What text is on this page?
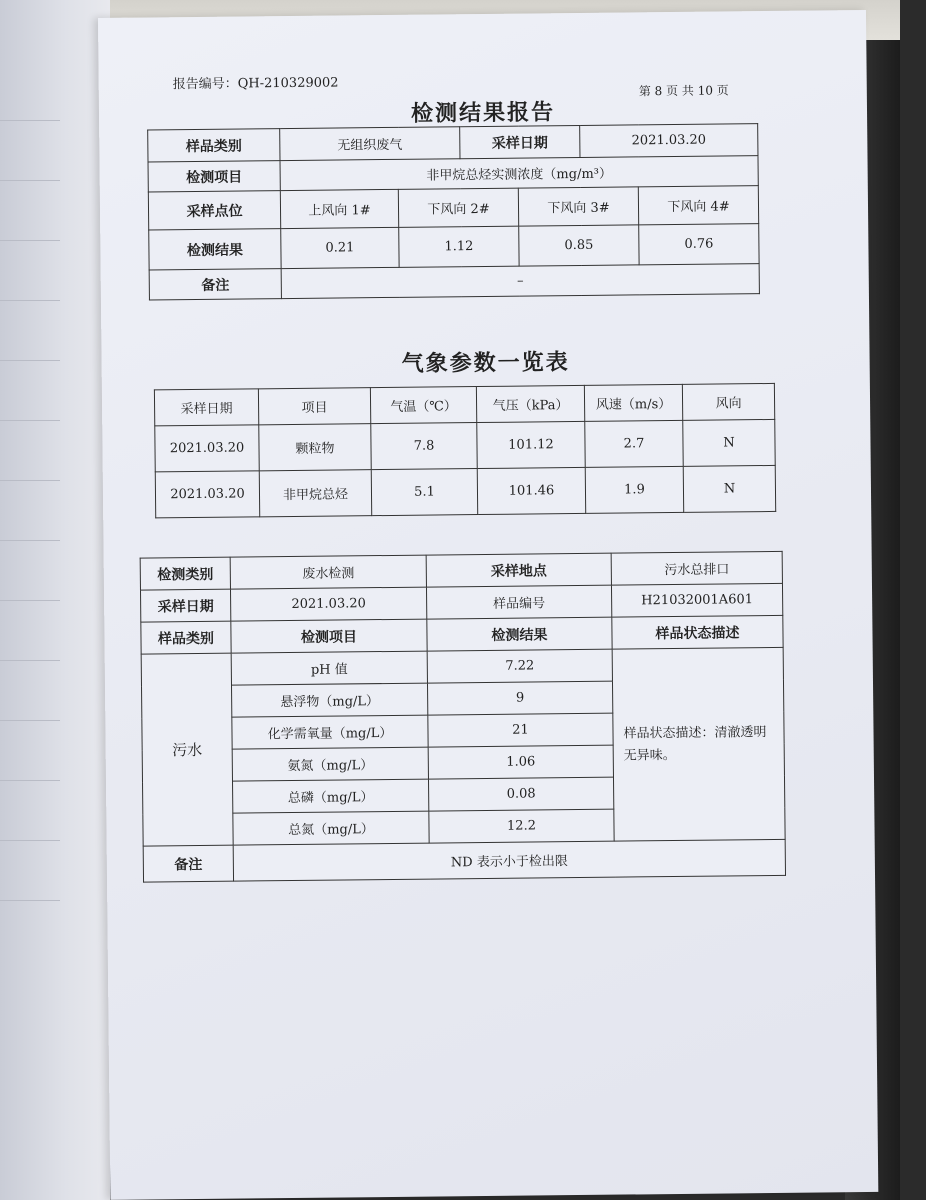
报告编号：QH-210329002	第 8 页 共 10 页
检测结果报告
样品类别	无组织废气		采样日期		2021.03.20	
检测项目	非甲烷总烃实测浓度（mg/m³）					
采样点位	上风向 1#	下风向 2#		下风向 3#		下风向 4#
检测结果	0.21	1.12		0.85		0.76
备注	–					
气象参数一览表
采样日期	项目	气温（℃）	气压（kPa）	风速（m/s）	风向
2021.03.20	颗粒物	7.8	101.12	2.7	N
2021.03.20	非甲烷总烃	5.1	101.46	1.9	N
检测类别	废水检测	采样地点	污水总排口
采样日期	2021.03.20	样品编号	H21032001A601
样品类别	检测项目	检测结果	样品状态描述
污水	pH 值	7.22	样品状态描述：清澈透明无异味。
	悬浮物（mg/L）	9	
	化学需氧量（mg/L）	21	
	氨氮（mg/L）	1.06	
	总磷（mg/L）	0.08	
	总氮（mg/L）	12.2	
备注	ND 表示小于检出限		
​
